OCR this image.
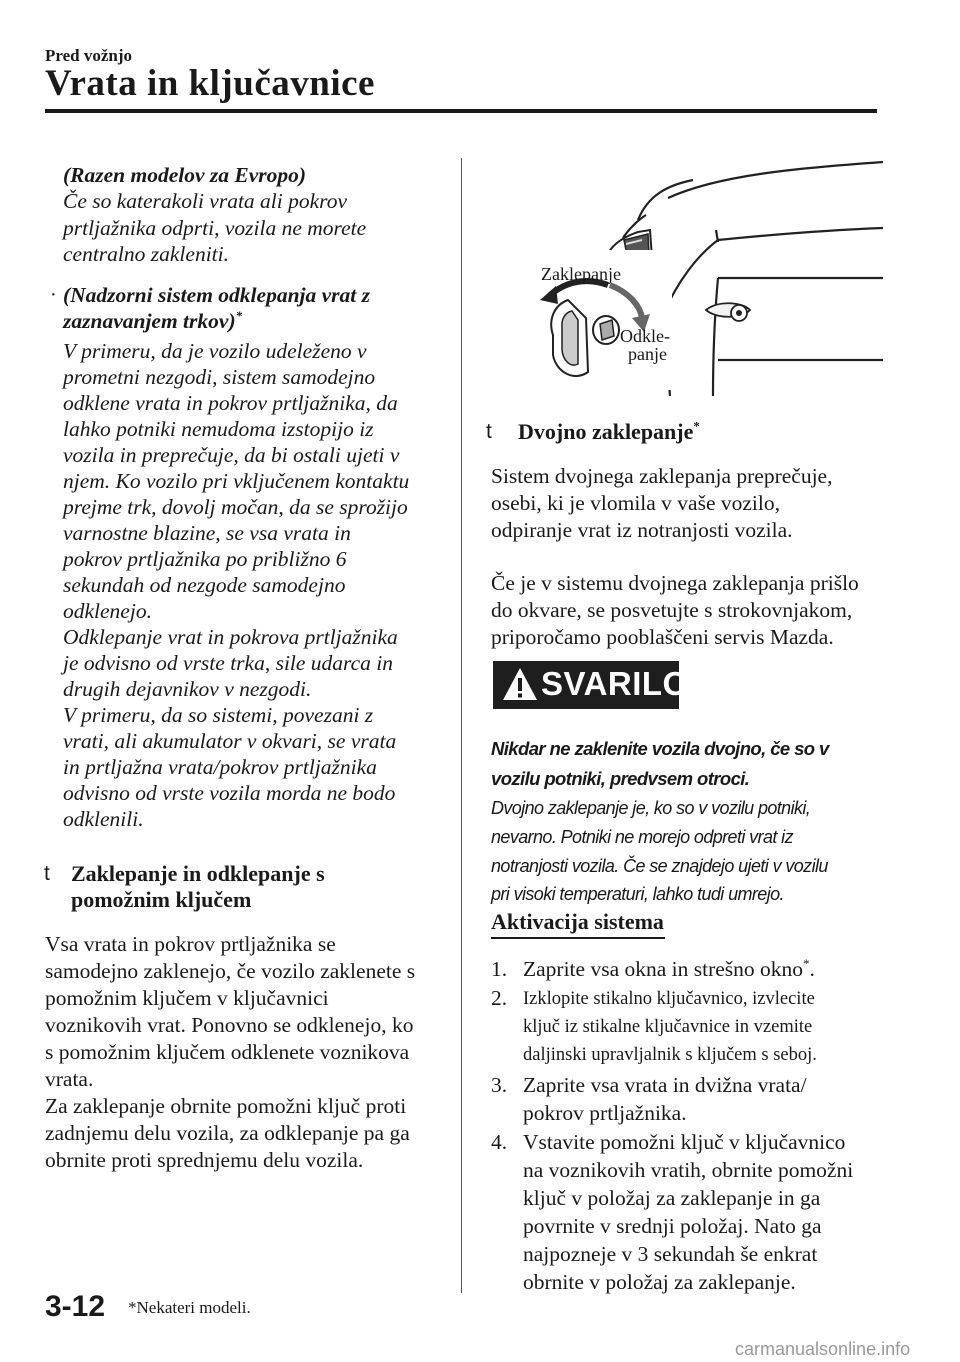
Pred vožnjo
Vrata in ključavnice
(Razen modelov za Evropo)
Če so katerakoli vrata ali pokrov
prtljažnika odprti, vozila ne morete
centralno zakleniti.
· (Nadzorni sistem odklepanja vrat z
zaznavanjem trkov)*
V primeru, da je vozilo udeleženo v
prometni nezgodi, sistem samodejno
odklene vrata in pokrov prtljažnika, da
lahko potniki nemudoma izstopijo iz
vozila in preprečuje, da bi ostali ujeti v
njem. Ko vozilo pri vključenem kontaktu
prejme trk, dovolj močan, da se sprožijo
varnostne blazine, se vsa vrata in
pokrov prtljažnika po približno 6
sekundah od nezgode samodejno
odklenejo.
Odklepanje vrat in pokrova prtljažnika
je odvisno od vrste trka, sile udarca in
drugih dejavnikov v nezgodi.
V primeru, da so sistemi, povezani z
vrati, ali akumulator v okvari, se vrata
in prtljažna vrata/pokrov prtljažnika
odvisno od vrste vozila morda ne bodo
odklenili.
t Zaklepanje in odklepanje s
pomožnim ključem
Vsa vrata in pokrov prtljažnika se
samodejno zaklenejo, če vozilo zaklenete s
pomožnim ključem v ključavnici
voznikovih vrat. Ponovno se odklenejo, ko
s pomožnim ključem odklenete voznikova
vrata.
Za zaklepanje obrnite pomožni ključ proti
zadnjemu delu vozila, za odklepanje pa ga
obrnite proti sprednjemu delu vozila.
Zaklepanje
Odkle-
panje
t Dvojno zaklepanje*
Sistem dvojnega zaklepanja preprečuje,
osebi, ki je vlomila v vaše vozilo,
odpiranje vrat iz notranjosti vozila.
Če je v sistemu dvojnega zaklepanja prišlo
do okvare, se posvetujte s strokovnjakom,
priporočamo pooblaščeni servis Mazda.
SVARILO
Nikdar ne zaklenite vozila dvojno, če so v
vozilu potniki, predvsem otroci.
Dvojno zaklepanje je, ko so v vozilu potniki,
nevarno. Potniki ne morejo odpreti vrat iz
notranjosti vozila. Če se znajdejo ujeti v vozilu
pri visoki temperaturi, lahko tudi umrejo.
Aktivacija sistema
1. Zaprite vsa okna in strešno okno*.
2. Izklopite stikalno ključavnico, izvlecite
ključ iz stikalne ključavnice in vzemite
daljinski upravljalnik s ključem s seboj.
3. Zaprite vsa vrata in dvižna vrata/
pokrov prtljažnika.
4. Vstavite pomožni ključ v ključavnico
na voznikovih vratih, obrnite pomožni
ključ v položaj za zaklepanje in ga
povrnite v srednji položaj. Nato ga
najpozneje v 3 sekundah še enkrat
obrnite v položaj za zaklepanje.
3-12 *Nekateri modeli.
carmanualsonline.info
